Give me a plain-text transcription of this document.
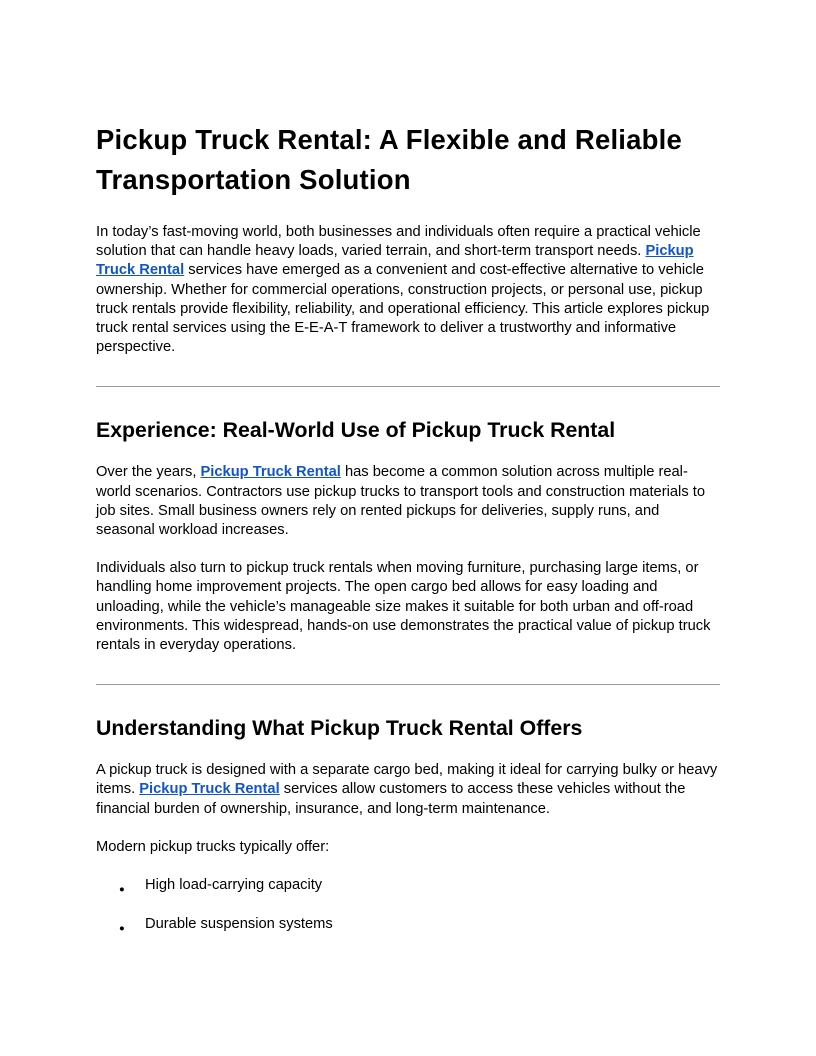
Pickup Truck Rental: A Flexible and Reliable Transportation Solution

In today’s fast-moving world, both businesses and individuals often require a practical vehicle solution that can handle heavy loads, varied terrain, and short-term transport needs. Pickup Truck Rental services have emerged as a convenient and cost-effective alternative to vehicle ownership. Whether for commercial operations, construction projects, or personal use, pickup truck rentals provide flexibility, reliability, and operational efficiency. This article explores pickup truck rental services using the E-E-A-T framework to deliver a trustworthy and informative perspective.

Experience: Real-World Use of Pickup Truck Rental

Over the years, Pickup Truck Rental has become a common solution across multiple real-world scenarios. Contractors use pickup trucks to transport tools and construction materials to job sites. Small business owners rely on rented pickups for deliveries, supply runs, and seasonal workload increases.

Individuals also turn to pickup truck rentals when moving furniture, purchasing large items, or handling home improvement projects. The open cargo bed allows for easy loading and unloading, while the vehicle’s manageable size makes it suitable for both urban and off-road environments. This widespread, hands-on use demonstrates the practical value of pickup truck rentals in everyday operations.

Understanding What Pickup Truck Rental Offers

A pickup truck is designed with a separate cargo bed, making it ideal for carrying bulky or heavy items. Pickup Truck Rental services allow customers to access these vehicles without the financial burden of ownership, insurance, and long-term maintenance.

Modern pickup trucks typically offer:

● High load-carrying capacity
● Durable suspension systems
